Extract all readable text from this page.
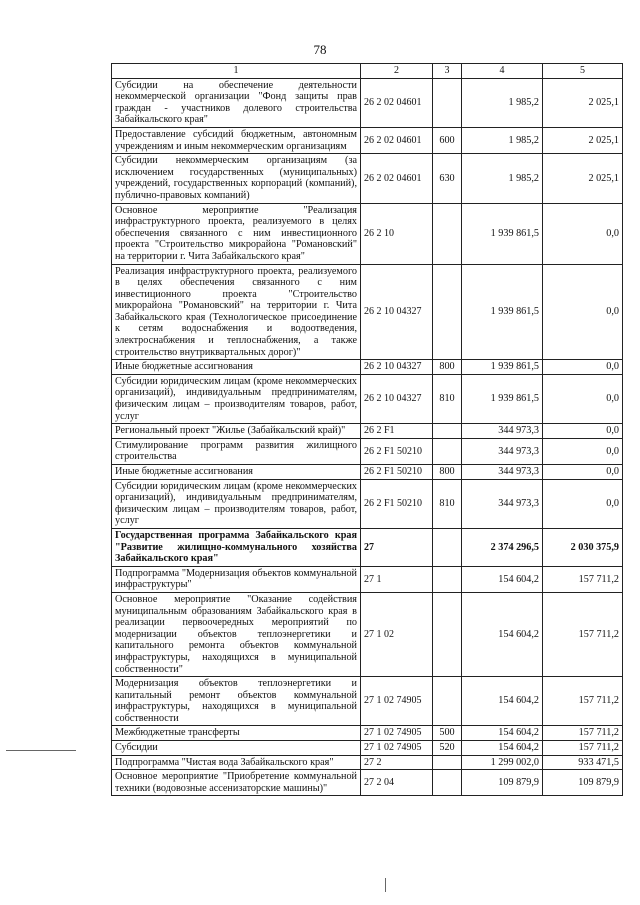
78
1	2	3	4	5
Субсидии на обеспечение деятельности некоммерческой организации "Фонд защиты прав граждан - участников долевого строительства Забайкальского края"	26 2 02 04601		1 985,2	2 025,1
Предоставление субсидий бюджетным, автономным учреждениям и иным некоммерческим организациям	26 2 02 04601	600	1 985,2	2 025,1
Субсидии некоммерческим организациям (за исключением государственных (муниципальных) учреждений, государственных корпораций (компаний), публично-правовых компаний)	26 2 02 04601	630	1 985,2	2 025,1
Основное мероприятие "Реализация инфраструктурного проекта, реализуемого в целях обеспечения связанного с ним инвестиционного проекта "Строительство микрорайона "Романовский" на территории г. Чита Забайкальского края"	26 2 10		1 939 861,5	0,0
Реализация инфраструктурного проекта, реализуемого в целях обеспечения связанного с ним инвестиционного проекта "Строительство микрорайона "Романовский" на территории г. Чита Забайкальского края (Технологическое присоединение к сетям водоснабжения и водоотведения, электроснабжения и теплоснабжения, а также строительство внутриквартальных дорог)"	26 2 10 04327		1 939 861,5	0,0
Иные бюджетные ассигнования	26 2 10 04327	800	1 939 861,5	0,0
Субсидии юридическим лицам (кроме некоммерческих организаций), индивидуальным предпринимателям, физическим лицам – производителям товаров, работ, услуг	26 2 10 04327	810	1 939 861,5	0,0
Региональный проект "Жилье (Забайкальский край)"	26 2 F1		344 973,3	0,0
Стимулирование программ развития жилищного строительства	26 2 F1 50210		344 973,3	0,0
Иные бюджетные ассигнования	26 2 F1 50210	800	344 973,3	0,0
Субсидии юридическим лицам (кроме некоммерческих организаций), индивидуальным предпринимателям, физическим лицам – производителям товаров, работ, услуг	26 2 F1 50210	810	344 973,3	0,0
Государственная программа Забайкальского края "Развитие жилищно-коммунального хозяйства Забайкальского края"	27		2 374 296,5	2 030 375,9
Подпрограмма "Модернизация объектов коммунальной инфраструктуры"	27 1		154 604,2	157 711,2
Основное мероприятие "Оказание содействия муниципальным образованиям Забайкальского края в реализации первоочередных мероприятий по модернизации объектов теплоэнергетики и капитального ремонта объектов коммунальной инфраструктуры, находящихся в муниципальной собственности"	27 1 02		154 604,2	157 711,2
Модернизация объектов теплоэнергетики и капитальный ремонт объектов коммунальной инфраструктуры, находящихся в муниципальной собственности	27 1 02 74905		154 604,2	157 711,2
Межбюджетные трансферты	27 1 02 74905	500	154 604,2	157 711,2
Субсидии	27 1 02 74905	520	154 604,2	157 711,2
Подпрограмма "Чистая вода Забайкальского края"	27 2		1 299 002,0	933 471,5
Основное мероприятие "Приобретение коммунальной техники (водовозные ассенизаторские машины)"	27 2 04		109 879,9	109 879,9
